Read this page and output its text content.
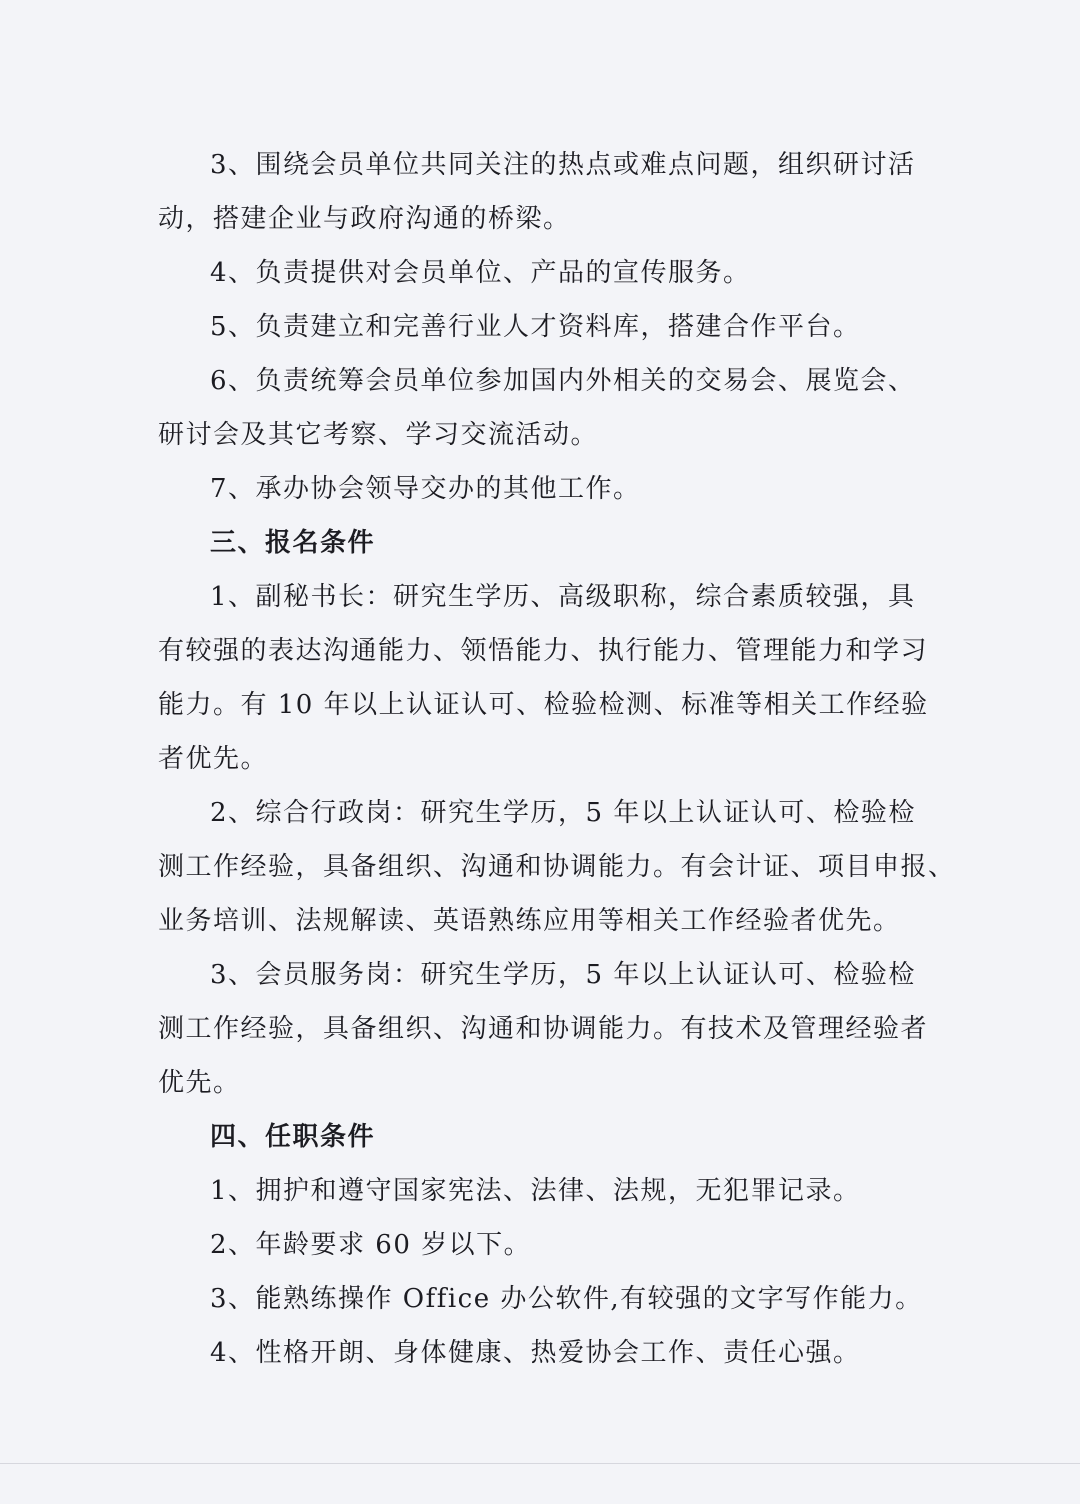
3、围绕会员单位共同关注的热点或难点问题，组织研讨活
动，搭建企业与政府沟通的桥梁。
4、负责提供对会员单位、产品的宣传服务。
5、负责建立和完善行业人才资料库，搭建合作平台。
6、负责统筹会员单位参加国内外相关的交易会、展览会、
研讨会及其它考察、学习交流活动。
7、承办协会领导交办的其他工作。
三、报名条件
1、副秘书长：研究生学历、高级职称，综合素质较强，具
有较强的表达沟通能力、领悟能力、执行能力、管理能力和学习
能力。有 10 年以上认证认可、检验检测、标准等相关工作经验
者优先。
2、综合行政岗：研究生学历，5 年以上认证认可、检验检
测工作经验，具备组织、沟通和协调能力。有会计证、项目申报、
业务培训、法规解读、英语熟练应用等相关工作经验者优先。
3、会员服务岗：研究生学历，5 年以上认证认可、检验检
测工作经验，具备组织、沟通和协调能力。有技术及管理经验者
优先。
四、任职条件
1、拥护和遵守国家宪法、法律、法规，无犯罪记录。
2、年龄要求 60 岁以下。
3、能熟练操作 Office 办公软件,有较强的文字写作能力。
4、性格开朗、身体健康、热爱协会工作、责任心强。
